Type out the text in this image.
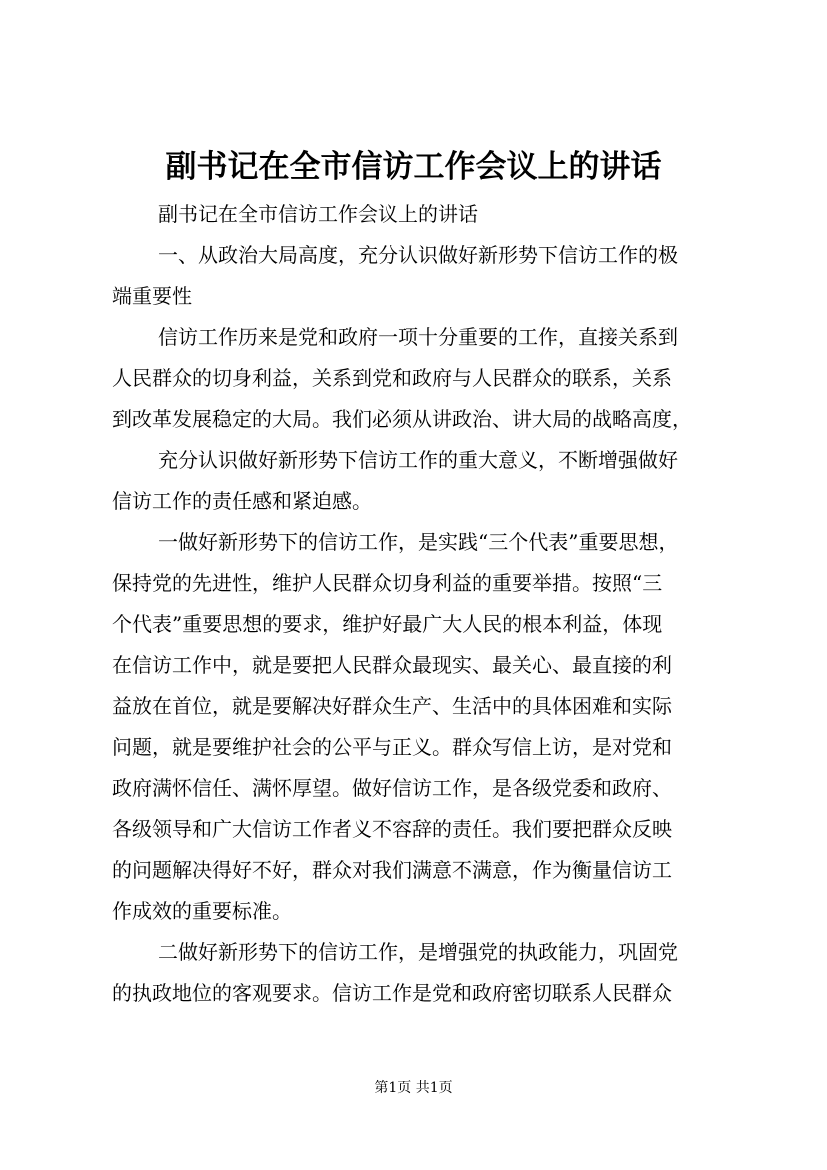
副书记在全市信访工作会议上的讲话
副书记在全市信访工作会议上的讲话
一、从政治大局高度，充分认识做好新形势下信访工作的极
端重要性
信访工作历来是党和政府一项十分重要的工作，直接关系到
人民群众的切身利益，关系到党和政府与人民群众的联系，关系
到改革发展稳定的大局。我们必须从讲政治、讲大局的战略高度，
充分认识做好新形势下信访工作的重大意义，不断增强做好
信访工作的责任感和紧迫感。
一做好新形势下的信访工作，是实践“三个代表”重要思想，
保持党的先进性，维护人民群众切身利益的重要举措。按照“三
个代表”重要思想的要求，维护好最广大人民的根本利益，体现
在信访工作中，就是要把人民群众最现实、最关心、最直接的利
益放在首位，就是要解决好群众生产、生活中的具体困难和实际
问题，就是要维护社会的公平与正义。群众写信上访，是对党和
政府满怀信任、满怀厚望。做好信访工作，是各级党委和政府、
各级领导和广大信访工作者义不容辞的责任。我们要把群众反映
的问题解决得好不好，群众对我们满意不满意，作为衡量信访工
作成效的重要标准。
二做好新形势下的信访工作，是增强党的执政能力，巩固党
的执政地位的客观要求。信访工作是党和政府密切联系人民群众
第1页 共1页
